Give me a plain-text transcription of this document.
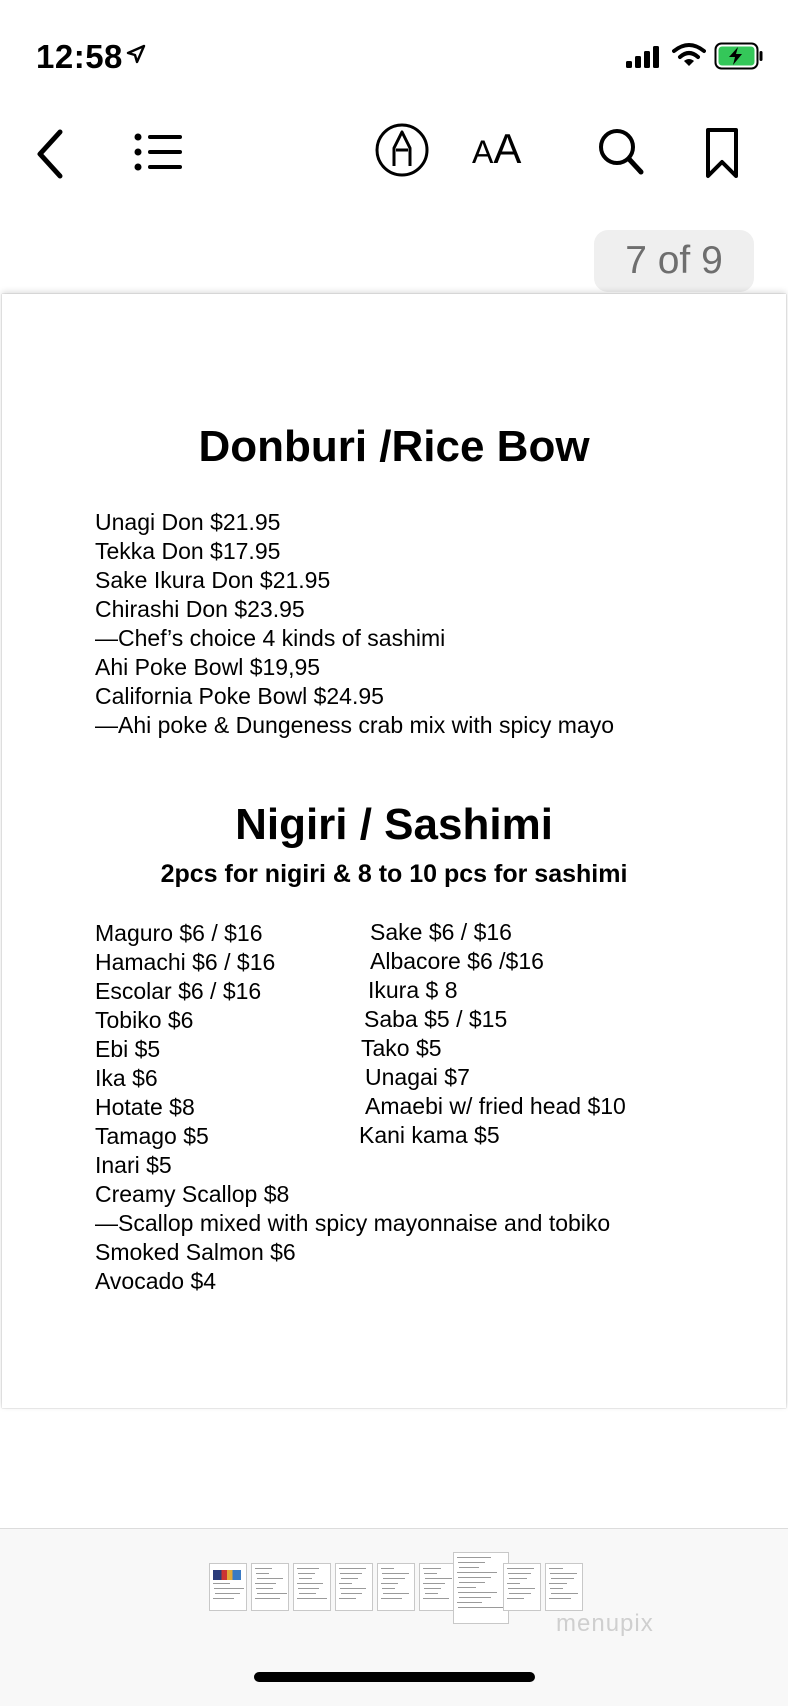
12:58
AA
7 of 9
Donburi /Rice Bow
Unagi Don $21.95
Tekka Don $17.95
Sake Ikura Don $21.95
Chirashi Don $23.95
—Chef’s choice 4 kinds of sashimi
Ahi Poke Bowl $19,95
California Poke Bowl $24.95
—Ahi poke & Dungeness crab mix with spicy mayo
Nigiri / Sashimi
2pcs for nigiri & 8 to 10 pcs for sashimi
Maguro $6 / $16
Hamachi $6 / $16
Escolar $6 / $16
Tobiko $6
Ebi $5
Ika $6
Hotate $8
Tamago $5
Inari $5
Creamy Scallop $8
—Scallop mixed with spicy mayonnaise and tobiko
Smoked Salmon $6
Avocado $4
Sake $6 / $16
Albacore $6 /$16
Ikura $ 8
Saba $5 / $15
Tako $5
Unagai $7
Amaebi w/ fried head $10
Kani kama $5
menupix
